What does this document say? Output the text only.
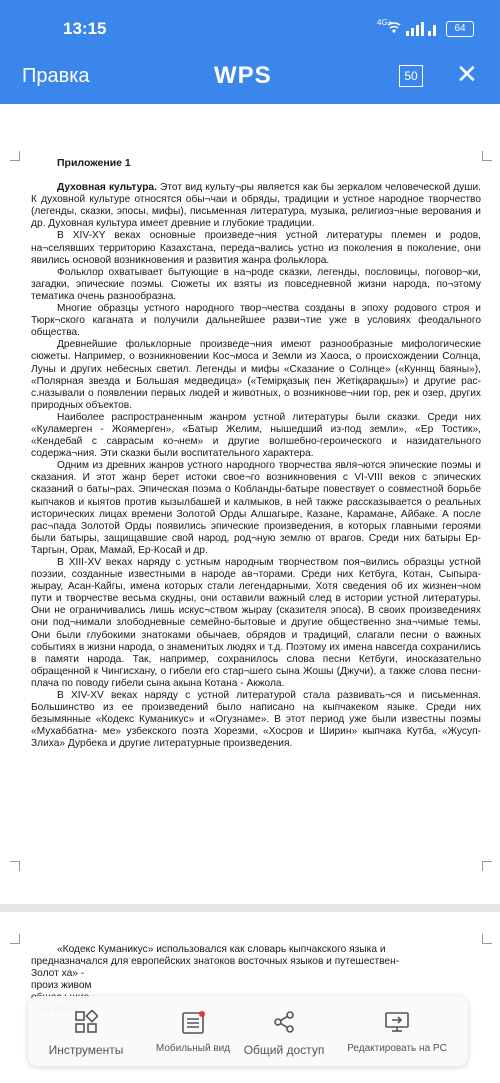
13:15	4G+
64
Правка	WPS	50 ✕
Приложение 1

Духовная культура. Этот вид культу¬ры является как бы зеркалом человеческой души. К духовной культуре относятся обы¬чаи и обряды, традиции и устное народное творчество (легенды, сказки, эпосы, мифы), письменная литература, музыка, религиоз¬ные верования и др. Духовная культура имеет древние и глубокие традиции.

В XIV-XY веках основные произведе¬ния устной литературы племен и родов, на¬селявших территорию Казахстана, переда¬вались устно из поколения в поколение, они явились основой возникновения и развития жанра фольклора.

Фольклор охватывает бытующие в на¬роде сказки, легенды, пословицы, поговор¬ки, загадки, эпические поэмы. Сюжеты их взяты из повседневной жизни народа, по¬этому тематика очень разнообразна.

Многие образцы устного народного твор¬чества созданы в эпоху родового строя и Тюрк¬ского каганата и получили дальнейшее разви¬тие уже в условиях феодального общества.

Древнейшие фольклорные произведе¬ния имеют разнообразные мифологические сюжеты. Например, о возникновении Кос¬моса и Земли из Хаоса, о происхождении Солнца, Луны и других небесных светил. Легенды и мифы «Сказание о Солнце» («Куннщ баяны»), «Полярная звезда и Большая медведица» («Темiрқазық пен Жетiқарақшы») и другие рас- с.называли о появлении первых людей и животных, о возникнове¬нии гор, рек и озер, других природных объектов.

Наиболее распространенным жанром устной литературы были сказки. Среди них «Куламерген - Жоямерген», «Батыр Желим, нышедший из-под земли», «Ер Тостик», «Кендебай с саврасым ко¬нем» и другие волшебно-героического и назидательного содержа¬ния. Эти сказки были воспитательного характера.

Одним из древних жанров устного народного творчества явля¬ются эпические поэмы и сказания. И этот жанр берет истоки свое¬го возникновения с VI-VIII веков с эпических сказаний о баты¬рах. Эпическая поэма о Кобланды-батыре повествует о совместной борьбе кыпчаков и кыятов против кызылбашей и калмыков, в ней также рассказывается о реальных исторических лицах времени Золотой Орды Алшагыре, Казане, Карамане, Айбаке. А после рас¬пада Золотой Орды появились эпические произведения, в которых главными героями были батыры, защищавшие свой народ, род¬ную землю от врагов. Среди них батыры Ер-Таргын, Орак, Мамай, Ер-Косай и др.

В XIII-XV веках наряду с устным народным творчеством поя¬вились образцы устной поэзии, созданные известными в народе ав¬торами. Среди них Кетбуга, Котан, Сыпыра-жырау, Асан-Кайгы, имена которых стали легендарными. Хотя сведения об их жизнен¬ном пути и творчестве весьма скудны, они оставили важный след в истории устной литературы. Они не ограничивались лишь искус¬ством жырау (сказителя эпоса). В своих произведениях они под¬нимали злободневные семейно-бытовые и другие общественно зна¬чимые темы. Они были глубокими знатоками обычаев, обрядов и традиций, слагали песни о важных событиях в жизни народа, о знаменитых людях и т.д. Поэтому их имена навсегда сохранились в памяти народа. Так, например, сохранилось слова песни Кетбуги, иносказательно обращенной к Чингисхану, о гибели его стар¬шего сына Жошы (Джучи), а также слова песни-плача по поводу гибели сына акына Котана - Акжола.

В XIV-XV веках наряду с устной литературой стала развивать¬ся и письменная. Большинство из ее произведений было написано на кыпчакеком языке. Среди них безымянные «Кодекс Куманикус» и «Огузнаме». В этот период уже были известны поэмы «Мухаббатна- ме» узбекского поэта Хорезми, «Хосров и Ширин» кыпчака Кутба, «Жусуп-Злиха» Дурбека и другие литературные произведения.

«Кодекс Куманикус» использовался как словарь кыпчакского языка и
предназначался для европейских знатоков восточных языков и путешествен-
Золот ха» -
произ живом
Инструменты	Мобильный вид	Общий доступ	Редактировать на PC
